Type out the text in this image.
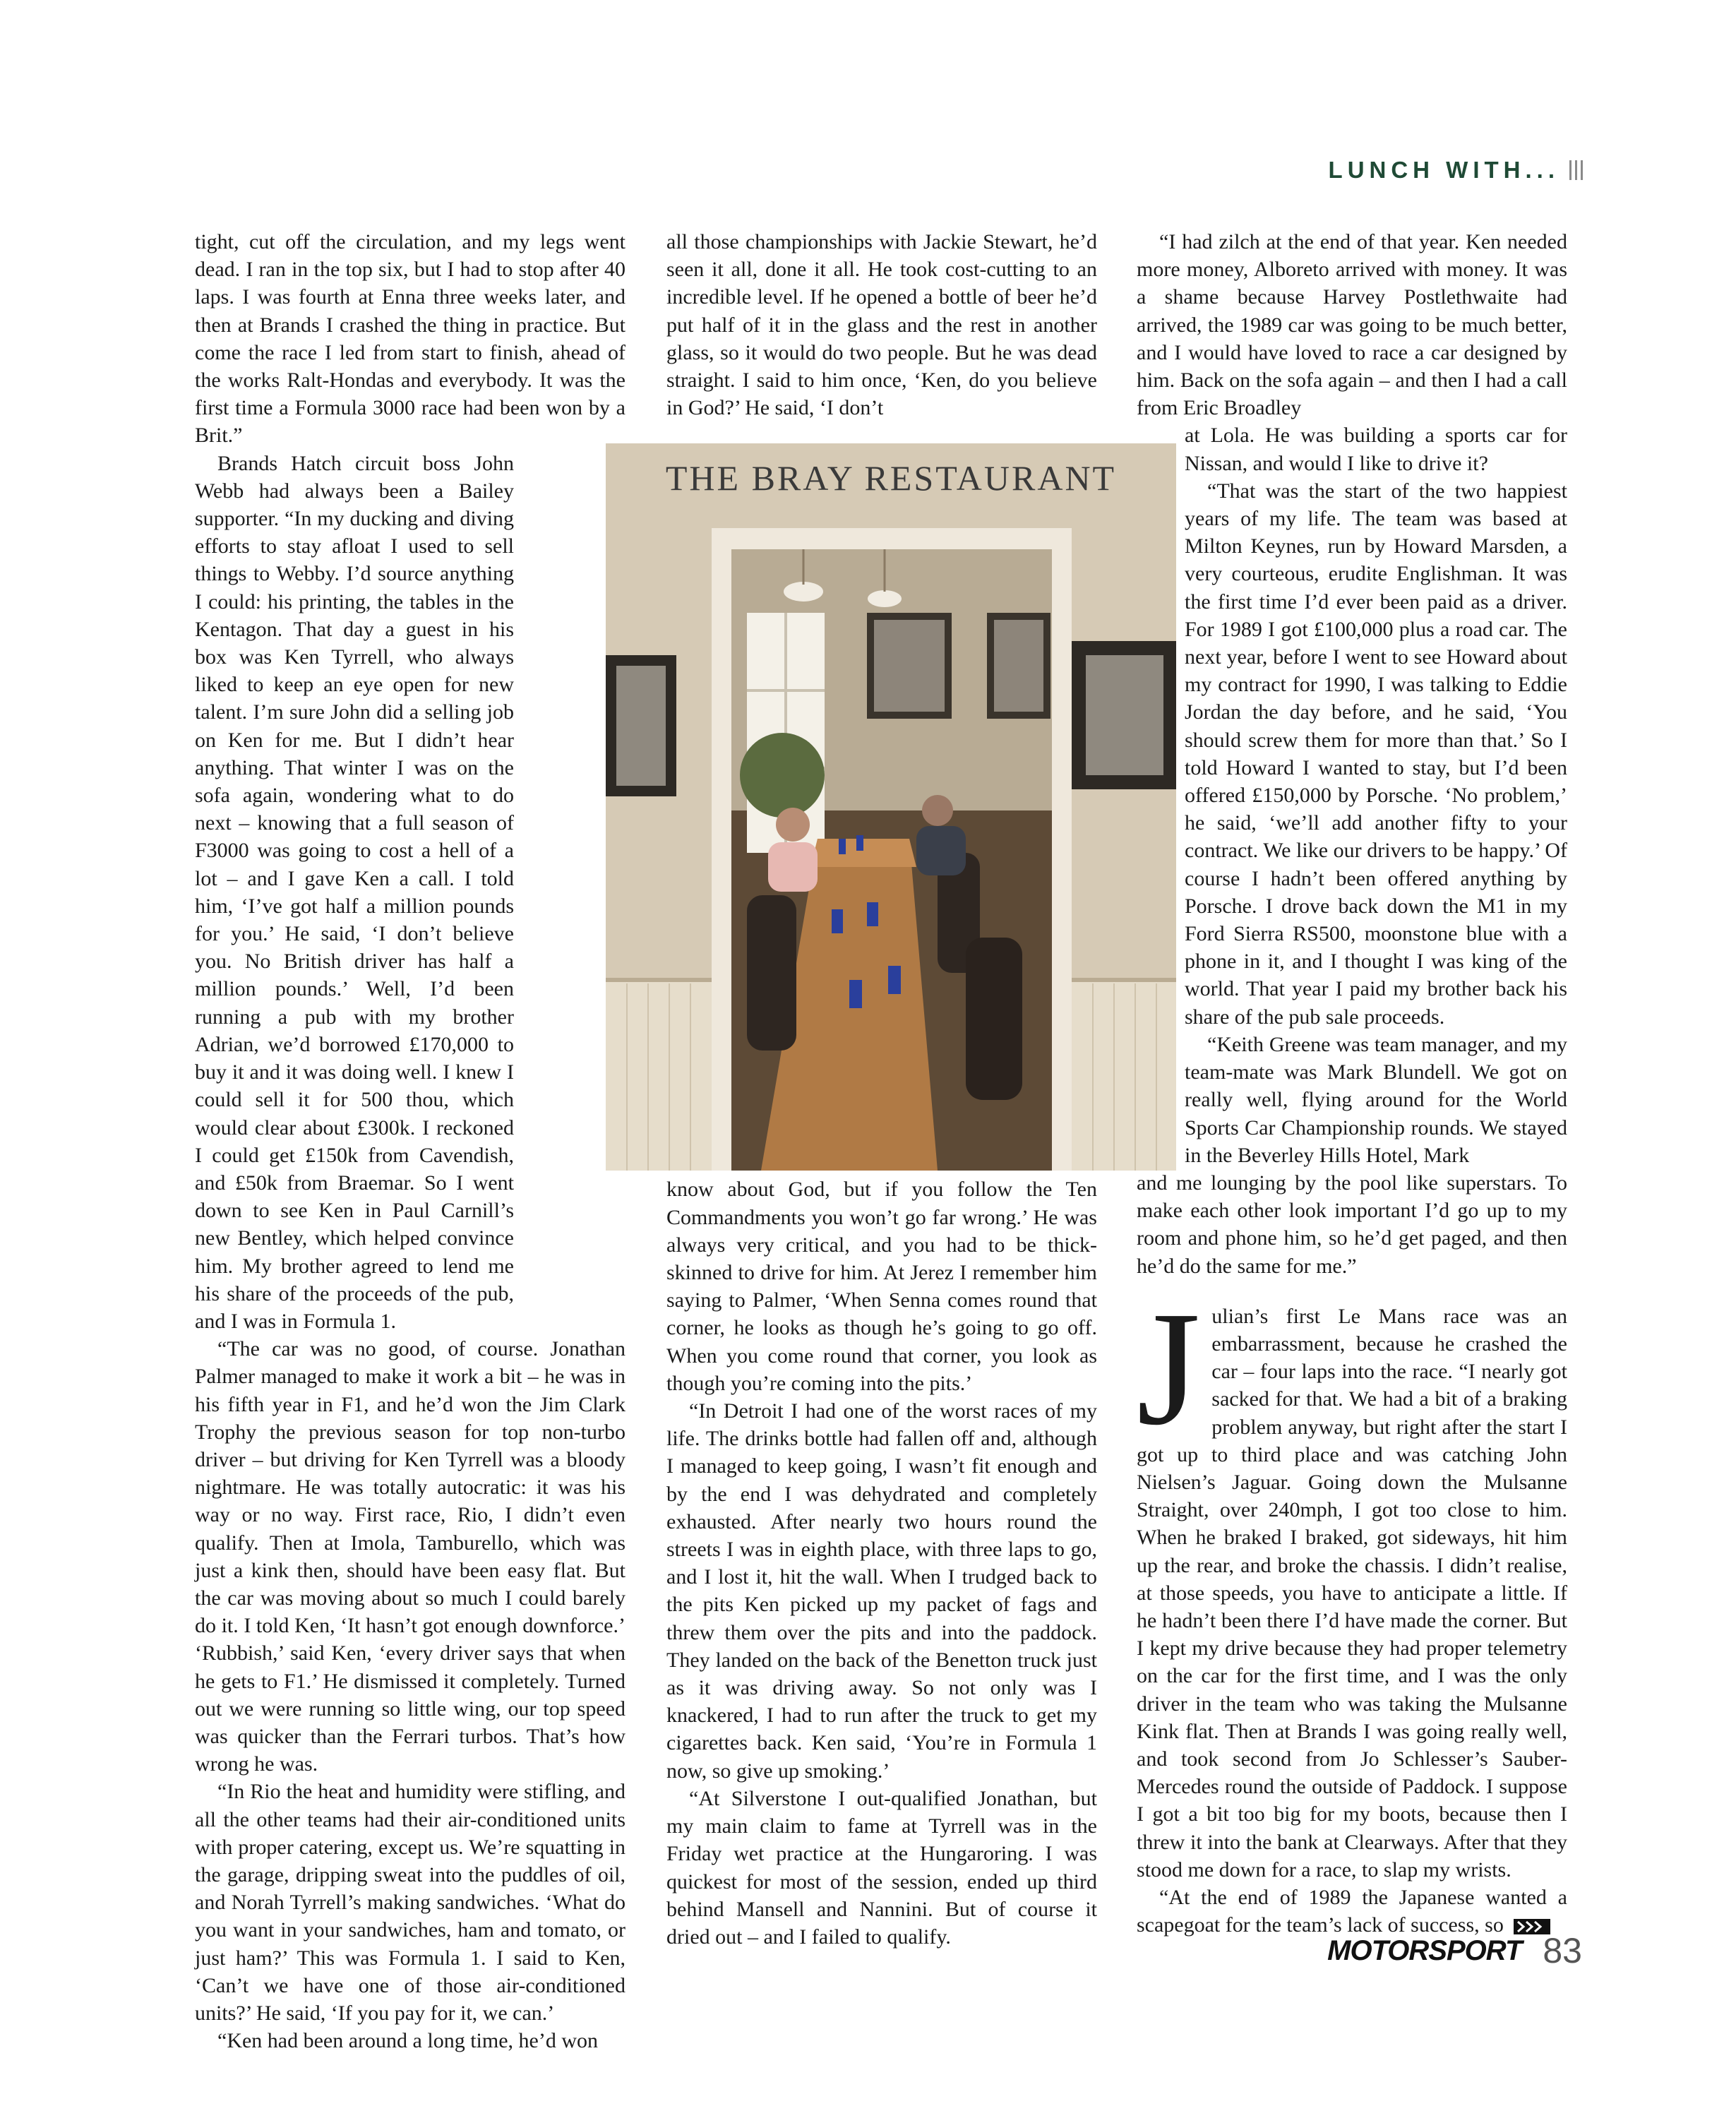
LUNCH WITH...

tight, cut off the circulation, and my legs went dead. I ran in the top six, but I had to stop after 40 laps. I was fourth at Enna three weeks later, and then at Brands I crashed the thing in practice. But come the race I led from start to finish, ahead of the works Ralt-Hondas and everybody. It was the first time a Formula 3000 race had been won by a Brit.”

Brands Hatch circuit boss John Webb had always been a Bailey supporter. “In my ducking and diving efforts to stay afloat I used to sell things to Webby. I’d source anything I could: his printing, the tables in the Kentagon. That day a guest in his box was Ken Tyrrell, who always liked to keep an eye open for new talent. I’m sure John did a selling job on Ken for me. But I didn’t hear anything. That winter I was on the sofa again, wondering what to do next – knowing that a full season of F3000 was going to cost a hell of a lot – and I gave Ken a call. I told him, ‘I’ve got half a million pounds for you.’ He said, ‘I don’t believe you. No British driver has half a million pounds.’ Well, I’d been running a pub with my brother Adrian, we’d borrowed £170,000 to buy it and it was doing well. I knew I could sell it for 500 thou, which would clear about £300k. I reckoned I could get £150k from Cavendish, and £50k from Braemar. So I went down to see Ken in Paul Carnill’s new Bentley, which helped convince him. My brother agreed to lend me his share of the proceeds of the pub, and I was in Formula 1.

“The car was no good, of course. Jonathan Palmer managed to make it work a bit – he was in his fifth year in F1, and he’d won the Jim Clark Trophy the previous season for top non-turbo driver – but driving for Ken Tyrrell was a bloody nightmare. He was totally autocratic: it was his way or no way. First race, Rio, I didn’t even qualify. Then at Imola, Tamburello, which was just a kink then, should have been easy flat. But the car was moving about so much I could barely do it. I told Ken, ‘It hasn’t got enough downforce.’ ‘Rubbish,’ said Ken, ‘every driver says that when he gets to F1.’ He dismissed it completely. Turned out we were running so little wing, our top speed was quicker than the Ferrari turbos. That’s how wrong he was.

“In Rio the heat and humidity were stifling, and all the other teams had their air-conditioned units with proper catering, except us. We’re squatting in the garage, dripping sweat into the puddles of oil, and Norah Tyrrell’s making sandwiches. ‘What do you want in your sandwiches, ham and tomato, or just ham?’ This was Formula 1. I said to Ken, ‘Can’t we have one of those air-conditioned units?’ He said, ‘If you pay for it, we can.’

“Ken had been around a long time, he’d won

all those championships with Jackie Stewart, he’d seen it all, done it all. He took cost-cutting to an incredible level. If he opened a bottle of beer he’d put half of it in the glass and the rest in another glass, so it would do two people. But he was dead straight. I said to him once, ‘Ken, do you believe in God?’ He said, ‘I don’t

know about God, but if you follow the Ten Commandments you won’t go far wrong.’ He was always very critical, and you had to be thick-skinned to drive for him. At Jerez I remember him saying to Palmer, ‘When Senna comes round that corner, he looks as though he’s going to go off. When you come round that corner, you look as though you’re coming into the pits.’

“In Detroit I had one of the worst races of my life. The drinks bottle had fallen off and, although I managed to keep going, I wasn’t fit enough and by the end I was dehydrated and completely exhausted. After nearly two hours round the streets I was in eighth place, with three laps to go, and I lost it, hit the wall. When I trudged back to the pits Ken picked up my packet of fags and threw them over the pits and into the paddock. They landed on the back of the Benetton truck just as it was driving away. So not only was I knackered, I had to run after the truck to get my cigarettes back. Ken said, ‘You’re in Formula 1 now, so give up smoking.’

“At Silverstone I out-qualified Jonathan, but my main claim to fame at Tyrrell was in the Friday wet practice at the Hungaroring. I was quickest for most of the session, ended up third behind Mansell and Nannini. But of course it dried out – and I failed to qualify.

“I had zilch at the end of that year. Ken needed more money, Alboreto arrived with money. It was a shame because Harvey Postlethwaite had arrived, the 1989 car was going to be much better, and I would have loved to race a car designed by him. Back on the sofa again – and then I had a call from Eric Broadley

at Lola. He was building a sports car for Nissan, and would I like to drive it?

“That was the start of the two happiest years of my life. The team was based at Milton Keynes, run by Howard Marsden, a very courteous, erudite Englishman. It was the first time I’d ever been paid as a driver. For 1989 I got £100,000 plus a road car. The next year, before I went to see Howard about my contract for 1990, I was talking to Eddie Jordan the day before, and he said, ‘You should screw them for more than that.’ So I told Howard I wanted to stay, but I’d been offered £150,000 by Porsche. ‘No problem,’ he said, ‘we’ll add another fifty to your contract. We like our drivers to be happy.’ Of course I hadn’t been offered anything by Porsche. I drove back down the M1 in my Ford Sierra RS500, moonstone blue with a phone in it, and I thought I was king of the world. That year I paid my brother back his share of the pub sale proceeds.

“Keith Greene was team manager, and my team-mate was Mark Blundell. We got on really well, flying around for the World Sports Car Championship rounds. We stayed in the Beverley Hills Hotel, Mark

and me lounging by the pool like superstars. To make each other look important I’d go up to my room and phone him, so he’d get paged, and then he’d do the same for me.”

Julian’s first Le Mans race was an embarrassment, because he crashed the car – four laps into the race. “I nearly got sacked for that. We had a bit of a braking problem anyway, but right after the start I got up to third place and was catching John Nielsen’s Jaguar. Going down the Mulsanne Straight, over 240mph, I got too close to him. When he braked I braked, got sideways, hit him up the rear, and broke the chassis. I didn’t realise, at those speeds, you have to anticipate a little. If he hadn’t been there I’d have made the corner. But I kept my drive because they had proper telemetry on the car for the first time, and I was the only driver in the team who was taking the Mulsanne Kink flat. Then at Brands I was going really well, and took second from Jo Schlesser’s Sauber-Mercedes round the outside of Paddock. I suppose I got a bit too big for my boots, because then I threw it into the bank at Clearways. After that they stood me down for a race, to slap my wrists.

“At the end of 1989 the Japanese wanted a scapegoat for the team’s lack of success, so

THE BRAY RESTAURANT
MOTORSPORT 83
